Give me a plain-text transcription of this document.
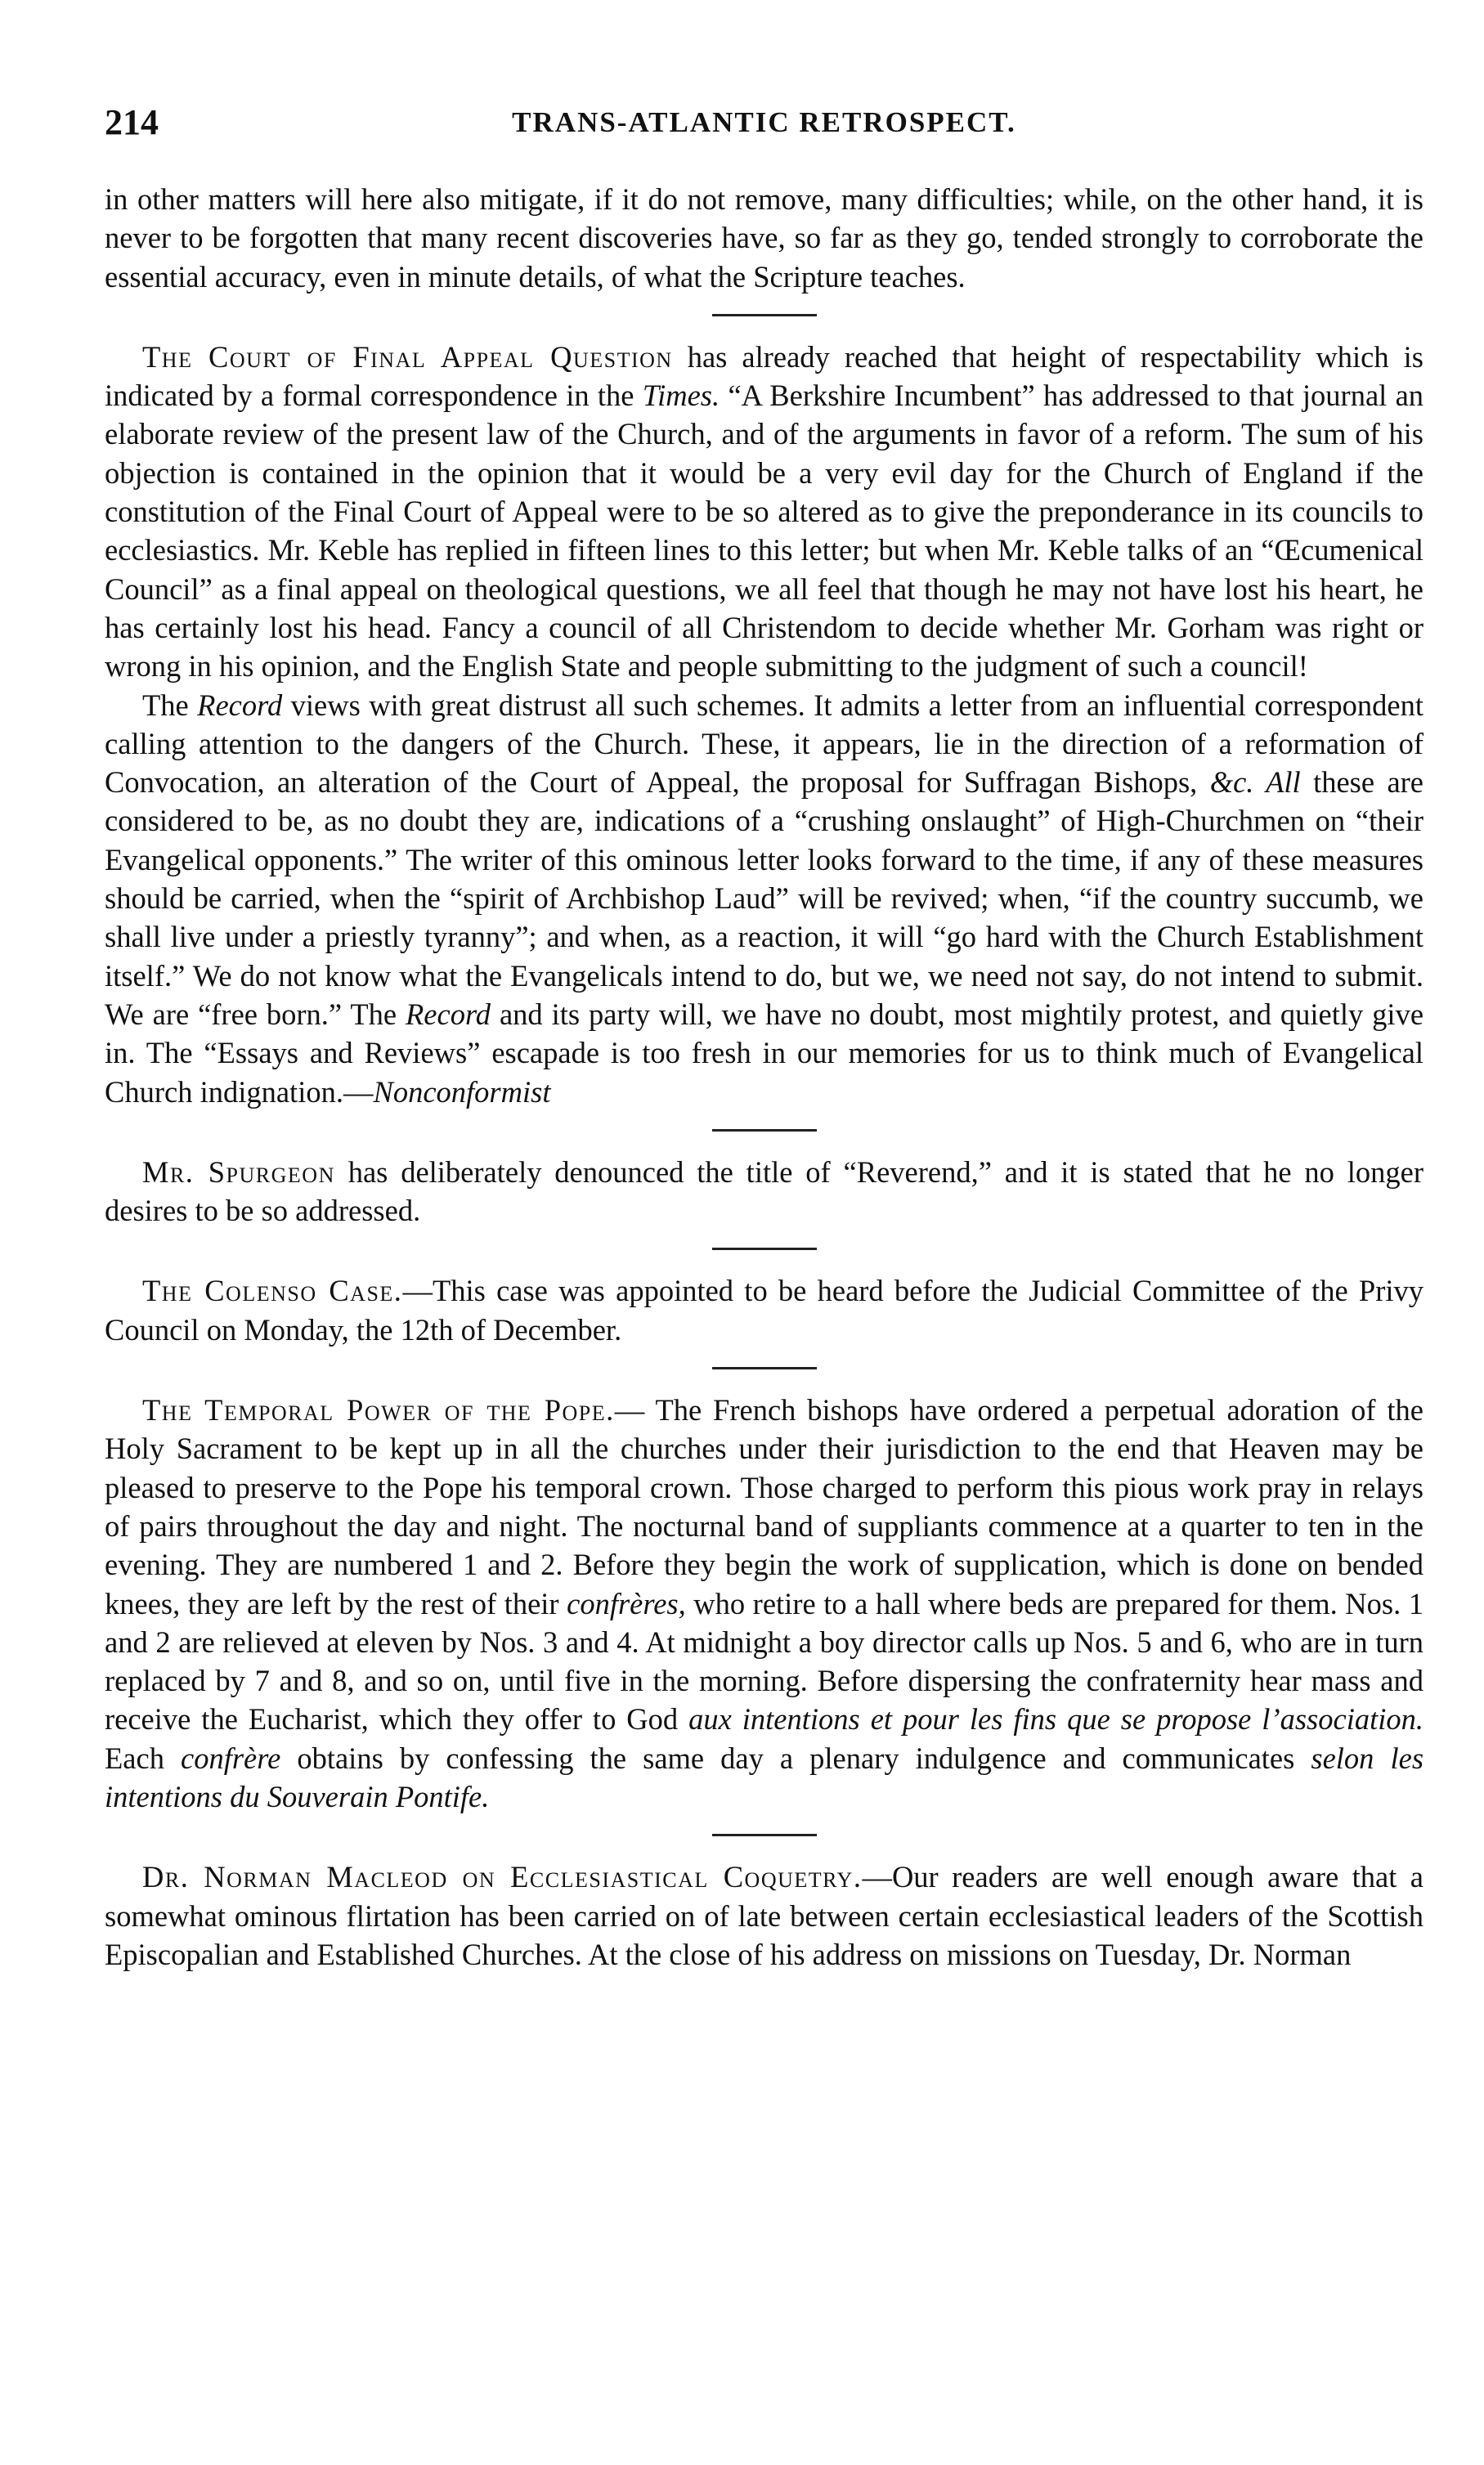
214	TRANS-ATLANTIC RETROSPECT.

in other matters will here also mitigate, if it do not remove, many difficulties; while, on the other hand, it is never to be forgotten that many recent discoveries have, so far as they go, tended strongly to corroborate the essential accuracy, even in minute details, of what the Scripture teaches.

The Court of Final Appeal Question has already reached that height of respectability which is indicated by a formal correspondence in the Times. “A Berkshire Incumbent” has addressed to that journal an elaborate review of the present law of the Church, and of the arguments in favor of a reform. The sum of his objection is contained in the opinion that it would be a very evil day for the Church of England if the constitution of the Final Court of Appeal were to be so altered as to give the preponderance in its councils to ecclesiastics. Mr. Keble has replied in fifteen lines to this letter; but when Mr. Keble talks of an “Œcumenical Council” as a final appeal on theological questions, we all feel that though he may not have lost his heart, he has certainly lost his head. Fancy a council of all Christendom to decide whether Mr. Gorham was right or wrong in his opinion, and the English State and people submitting to the judgment of such a council!

The Record views with great distrust all such schemes. It admits a letter from an influential correspondent calling attention to the dangers of the Church. These, it appears, lie in the direction of a reformation of Convocation, an alteration of the Court of Appeal, the proposal for Suffragan Bishops, &c. All these are considered to be, as no doubt they are, indications of a “crushing onslaught” of High-Churchmen on “their Evangelical opponents.” The writer of this ominous letter looks forward to the time, if any of these measures should be carried, when the “spirit of Archbishop Laud” will be revived; when, “if the country succumb, we shall live under a priestly tyranny”; and when, as a reaction, it will “go hard with the Church Establishment itself.” We do not know what the Evangelicals intend to do, but we, we need not say, do not intend to submit. We are “free born.” The Record and its party will, we have no doubt, most mightily protest, and quietly give in. The “Essays and Reviews” escapade is too fresh in our memories for us to think much of Evangelical Church indignation.—Nonconformist

Mr. Spurgeon has deliberately denounced the title of “Reverend,” and it is stated that he no longer desires to be so addressed.

The Colenso Case.—This case was appointed to be heard before the Judicial Committee of the Privy Council on Monday, the 12th of December.

The Temporal Power of the Pope.— The French bishops have ordered a perpetual adoration of the Holy Sacrament to be kept up in all the churches under their jurisdiction to the end that Heaven may be pleased to preserve to the Pope his temporal crown. Those charged to perform this pious work pray in relays of pairs throughout the day and night. The nocturnal band of suppliants commence at a quarter to ten in the evening. They are numbered 1 and 2. Before they begin the work of supplication, which is done on bended knees, they are left by the rest of their confrères, who retire to a hall where beds are prepared for them. Nos. 1 and 2 are relieved at eleven by Nos. 3 and 4. At midnight a boy director calls up Nos. 5 and 6, who are in turn replaced by 7 and 8, and so on, until five in the morning. Before dispersing the confraternity hear mass and receive the Eucharist, which they offer to God aux intentions et pour les fins que se propose l’association. Each confrère obtains by confessing the same day a plenary indulgence and communicates selon les intentions du Souverain Pontife.

Dr. Norman Macleod on Ecclesiastical Coquetry.—Our readers are well enough aware that a somewhat ominous flirtation has been carried on of late between certain ecclesiastical leaders of the Scottish Episcopalian and Established Churches. At the close of his address on missions on Tuesday, Dr. Norman
